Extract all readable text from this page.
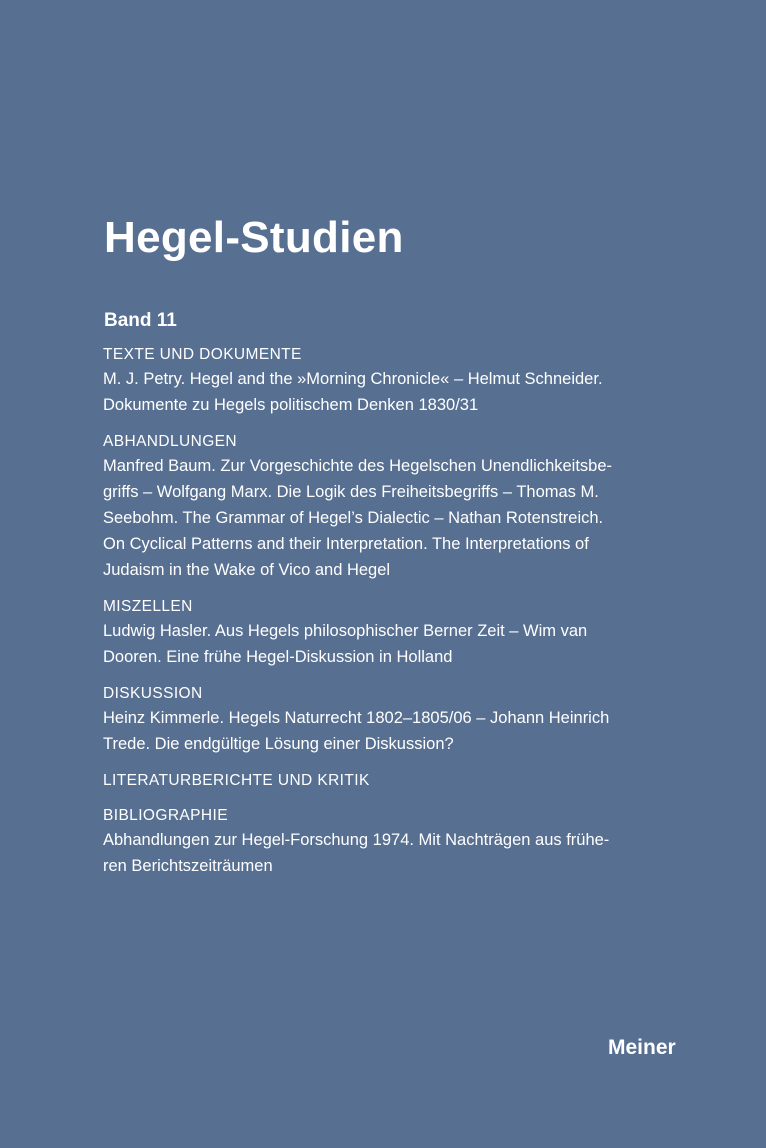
Hegel-Studien
Band 11
TEXTE UND DOKUMENTE
M. J. Petry. Hegel and the »Morning Chronicle« – Helmut Schneider.
Dokumente zu Hegels politischem Denken 1830/31
ABHANDLUNGEN
Manfred Baum. Zur Vorgeschichte des Hegelschen Unendlichkeitsbe-
griffs – Wolfgang Marx. Die Logik des Freiheitsbegriffs – Thomas M.
Seebohm. The Grammar of Hegel’s Dialectic – Nathan Rotenstreich.
On Cyclical Patterns and their Interpretation. The Interpretations of
Judaism in the Wake of Vico and Hegel
MISZELLEN
Ludwig Hasler. Aus Hegels philosophischer Berner Zeit – Wim van
Dooren. Eine frühe Hegel-Diskussion in Holland
DISKUSSION
Heinz Kimmerle. Hegels Naturrecht 1802–1805/06 – Johann Heinrich
Trede. Die endgültige Lösung einer Diskussion?
LITERATURBERICHTE UND KRITIK
BIBLIOGRAPHIE
Abhandlungen zur Hegel-Forschung 1974. Mit Nachträgen aus frühe-
ren Berichtszeiträumen

Meiner
